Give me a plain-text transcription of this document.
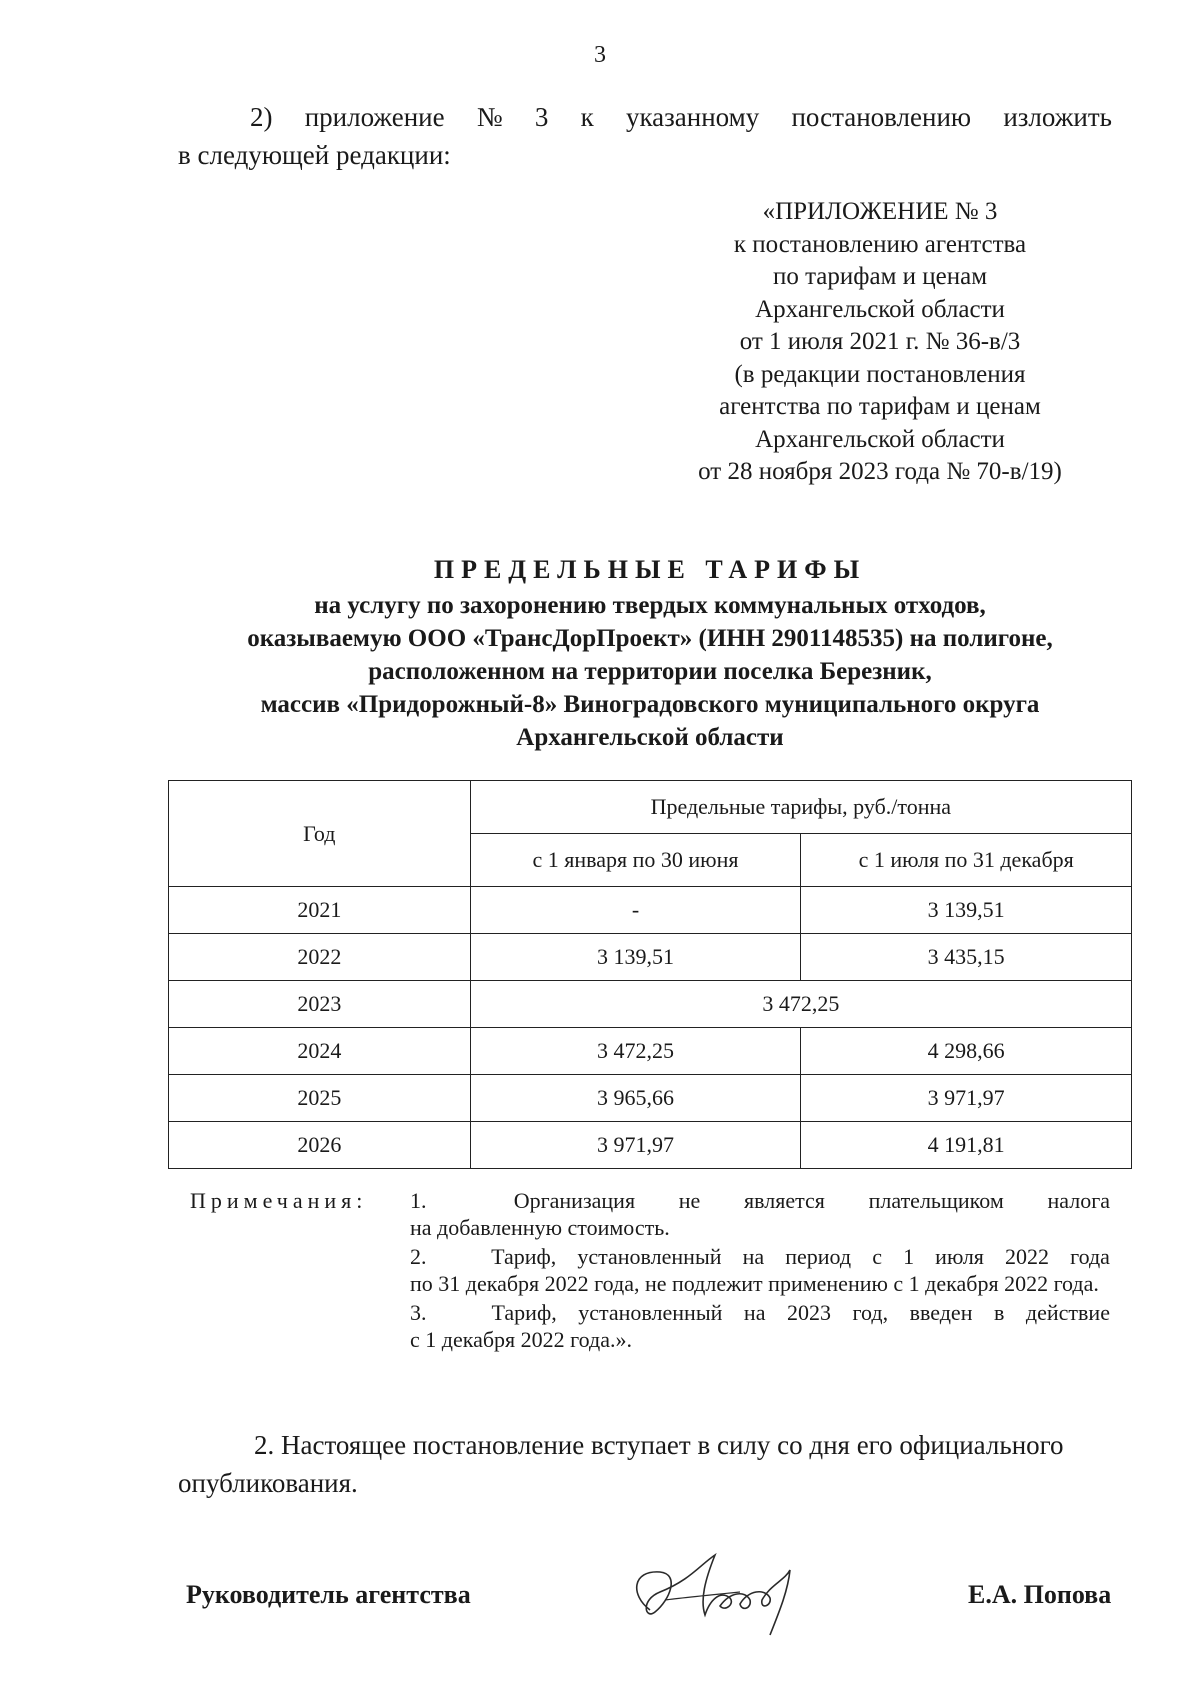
3
2) приложение № 3 к указанному постановлению изложить
в следующей редакции:
«ПРИЛОЖЕНИЕ № 3
к постановлению агентства
по тарифам и ценам
Архангельской области
от 1 июля 2021 г. № 36-в/3
(в редакции постановления
агентства по тарифам и ценам
Архангельской области
от 28 ноября 2023 года № 70-в/19)
ПРЕДЕЛЬНЫЕ ТАРИФЫ
на услугу по захоронению твердых коммунальных отходов,
оказываемую ООО «ТрансДорПроект» (ИНН 2901148535) на полигоне,
расположенном на территории поселка Березник,
массив «Придорожный-8» Виноградовского муниципального округа
Архангельской области
Год	Предельные тарифы, руб./тонна	
	с 1 января по 30 июня	с 1 июля по 31 декабря
2021	-	3 139,51
2022	3 139,51	3 435,15
2023	3 472,25	
2024	3 472,25	4 298,66
2025	3 965,66	3 971,97
2026	3 971,97	4 191,81
Примечания: 1.	Организация не является плательщиком налога
на добавленную стоимость.
2.	Тариф, установленный на период с 1 июля 2022 года
по 31 декабря 2022 года, не подлежит применению с 1 декабря 2022 года.
3.	Тариф, установленный на 2023 год, введен в действие
с 1 декабря 2022 года.».
2. Настоящее постановление вступает в силу со дня его официального
опубликования.
Руководитель агентства	Е.А. Попова
